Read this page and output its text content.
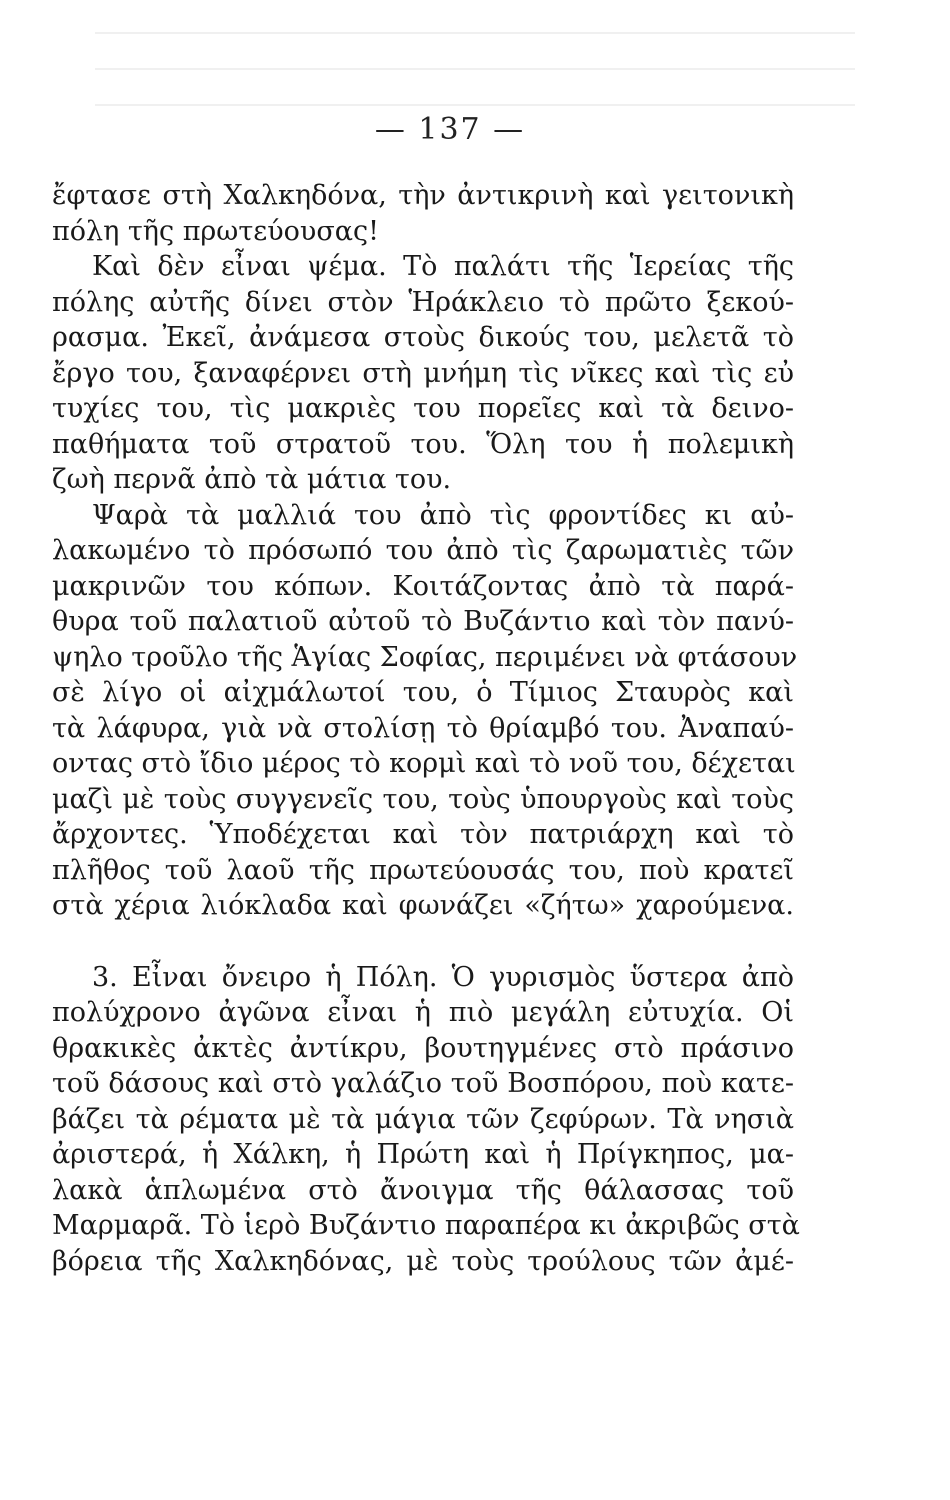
— 137 —
ἔφτασε στὴ Χαλκηδόνα, τὴν ἀντικρινὴ καὶ γειτονικὴ
πόλη τῆς πρωτεύουσας!
Καὶ δὲν εἶναι ψέμα. Τὸ παλάτι τῆς Ἱερείας τῆς
πόλης αὐτῆς δίνει στὸν Ἡράκλειο τὸ πρῶτο ξεκού-
ρασμα. Ἐκεῖ, ἀνάμεσα στοὺς δικούς του, μελετᾶ τὸ
ἔργο του, ξαναφέρνει στὴ μνήμη τὶς νῖκες καὶ τὶς εὐ
τυχίες του, τὶς μακριὲς του πορεῖες καὶ τὰ δεινο-
παθήματα τοῦ στρατοῦ του. Ὅλη του ἡ πολεμικὴ
ζωὴ περνᾶ ἀπὸ τὰ μάτια του.
Ψαρὰ τὰ μαλλιά του ἀπὸ τὶς φροντίδες κι αὐ-
λακωμένο τὸ πρόσωπό του ἀπὸ τὶς ζαρωματιὲς τῶν
μακρινῶν του κόπων. Κοιτάζοντας ἀπὸ τὰ παρά-
θυρα τοῦ παλατιοῦ αὐτοῦ τὸ Βυζάντιο καὶ τὸν πανύ-
ψηλο τροῦλο τῆς Ἁγίας Σοφίας, περιμένει νὰ φτάσουν
σὲ λίγο οἱ αἰχμάλωτοί του, ὁ Τίμιος Σταυρὸς καὶ
τὰ λάφυρα, γιὰ νὰ στολίσῃ τὸ θρίαμβό του. Ἀναπαύ-
οντας στὸ ἴδιο μέρος τὸ κορμὶ καὶ τὸ νοῦ του, δέχεται
μαζὶ μὲ τοὺς συγγενεῖς του, τοὺς ὑπουργοὺς καὶ τοὺς
ἄρχοντες. Ὑποδέχεται καὶ τὸν πατριάρχη καὶ τὸ
πλῆθος τοῦ λαοῦ τῆς πρωτεύουσάς του, ποὺ κρατεῖ
στὰ χέρια λιόκλαδα καὶ φωνάζει «ζήτω» χαρούμενα.
3. Εἶναι ὄνειρο ἡ Πόλη. Ὁ γυρισμὸς ὕστερα ἀπὸ
πολύχρονο ἀγῶνα εἶναι ἡ πιὸ μεγάλη εὐτυχία. Οἱ
θρακικὲς ἀκτὲς ἀντίκρυ, βουτηγμένες στὸ πράσινο
τοῦ δάσους καὶ στὸ γαλάζιο τοῦ Βοσπόρου, ποὺ κατε-
βάζει τὰ ρέματα μὲ τὰ μάγια τῶν ζεφύρων. Τὰ νησιὰ
ἀριστερά, ἡ Χάλκη, ἡ Πρώτη καὶ ἡ Πρίγκηπος, μα-
λακὰ ἁπλωμένα στὸ ἄνοιγμα τῆς θάλασσας τοῦ
Μαρμαρᾶ. Τὸ ἱερὸ Βυζάντιο παραπέρα κι ἀκριβῶς στὰ
βόρεια τῆς Χαλκηδόνας, μὲ τοὺς τρούλους τῶν ἀμέ-
